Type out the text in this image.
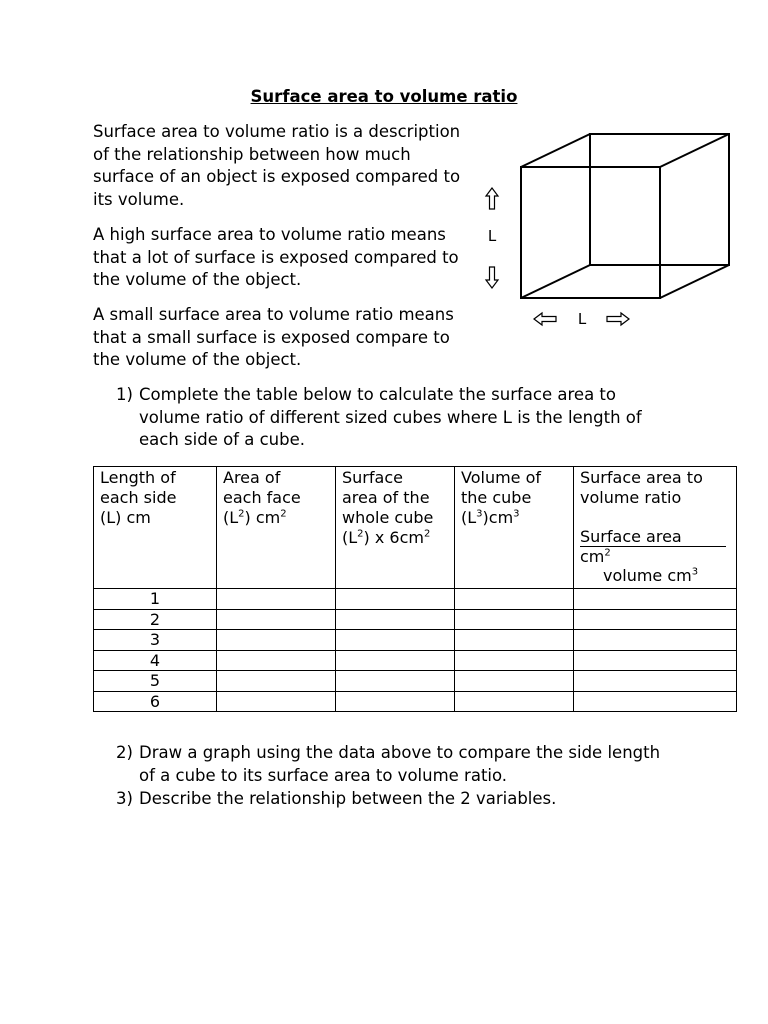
Surface area to volume ratio

Surface area to volume ratio is a description of the relationship between how much surface of an object is exposed compared to its volume.

A high surface area to volume ratio means that a lot of surface is exposed compared to the volume of the object.

A small surface area to volume ratio means that a small surface is exposed compare to the volume of the object.

L
L
1) Complete the table below to calculate the surface area to volume ratio of different sized cubes where L is the length of each side of a cube.
Length of
each side
(L) cm	Area of
each face
$(L^2)$ $cm^2$	Surface
area of the
whole cube
$(L^2)$ x $6cm^2$	Volume of
the cube
$(L^3)cm^3$	Surface area to
volume ratio
Surface area
$cm^2$
volume $cm^3$

1				
2				
3				
4				
5				
6				
2) Draw a graph using the data above to compare the side length of a cube to its surface area to volume ratio.
3) Describe the relationship between the 2 variables.
